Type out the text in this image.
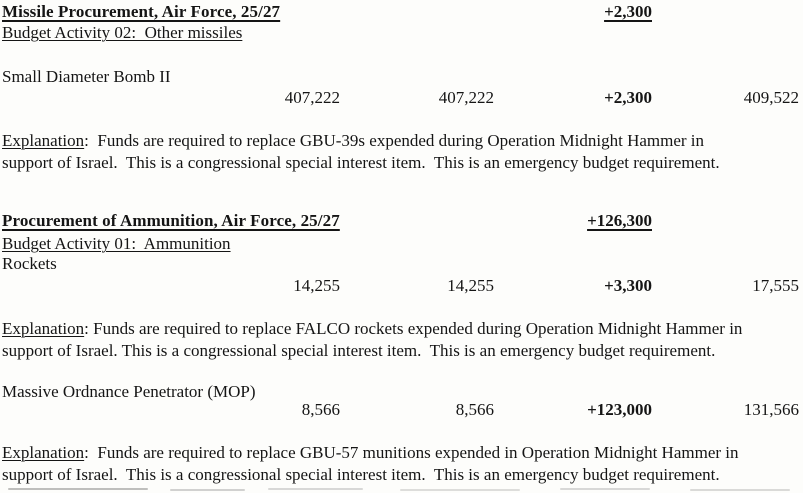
Missile Procurement, Air Force, 25/27	+2,300
Budget Activity 02:  Other missiles
Small Diameter Bomb II
407,222	407,222	+2,300	409,522
Explanation:  Funds are required to replace GBU-39s expended during Operation Midnight Hammer in
support of Israel.  This is a congressional special interest item.  This is an emergency budget requirement.
Procurement of Ammunition, Air Force, 25/27	+126,300
Budget Activity 01:  Ammunition
Rockets
14,255	14,255	+3,300	17,555
Explanation: Funds are required to replace FALCO rockets expended during Operation Midnight Hammer in
support of Israel. This is a congressional special interest item.  This is an emergency budget requirement.
Massive Ordnance Penetrator (MOP)
8,566	8,566	+123,000	131,566
Explanation:  Funds are required to replace GBU-57 munitions expended in Operation Midnight Hammer in
support of Israel.  This is a congressional special interest item.  This is an emergency budget requirement.
